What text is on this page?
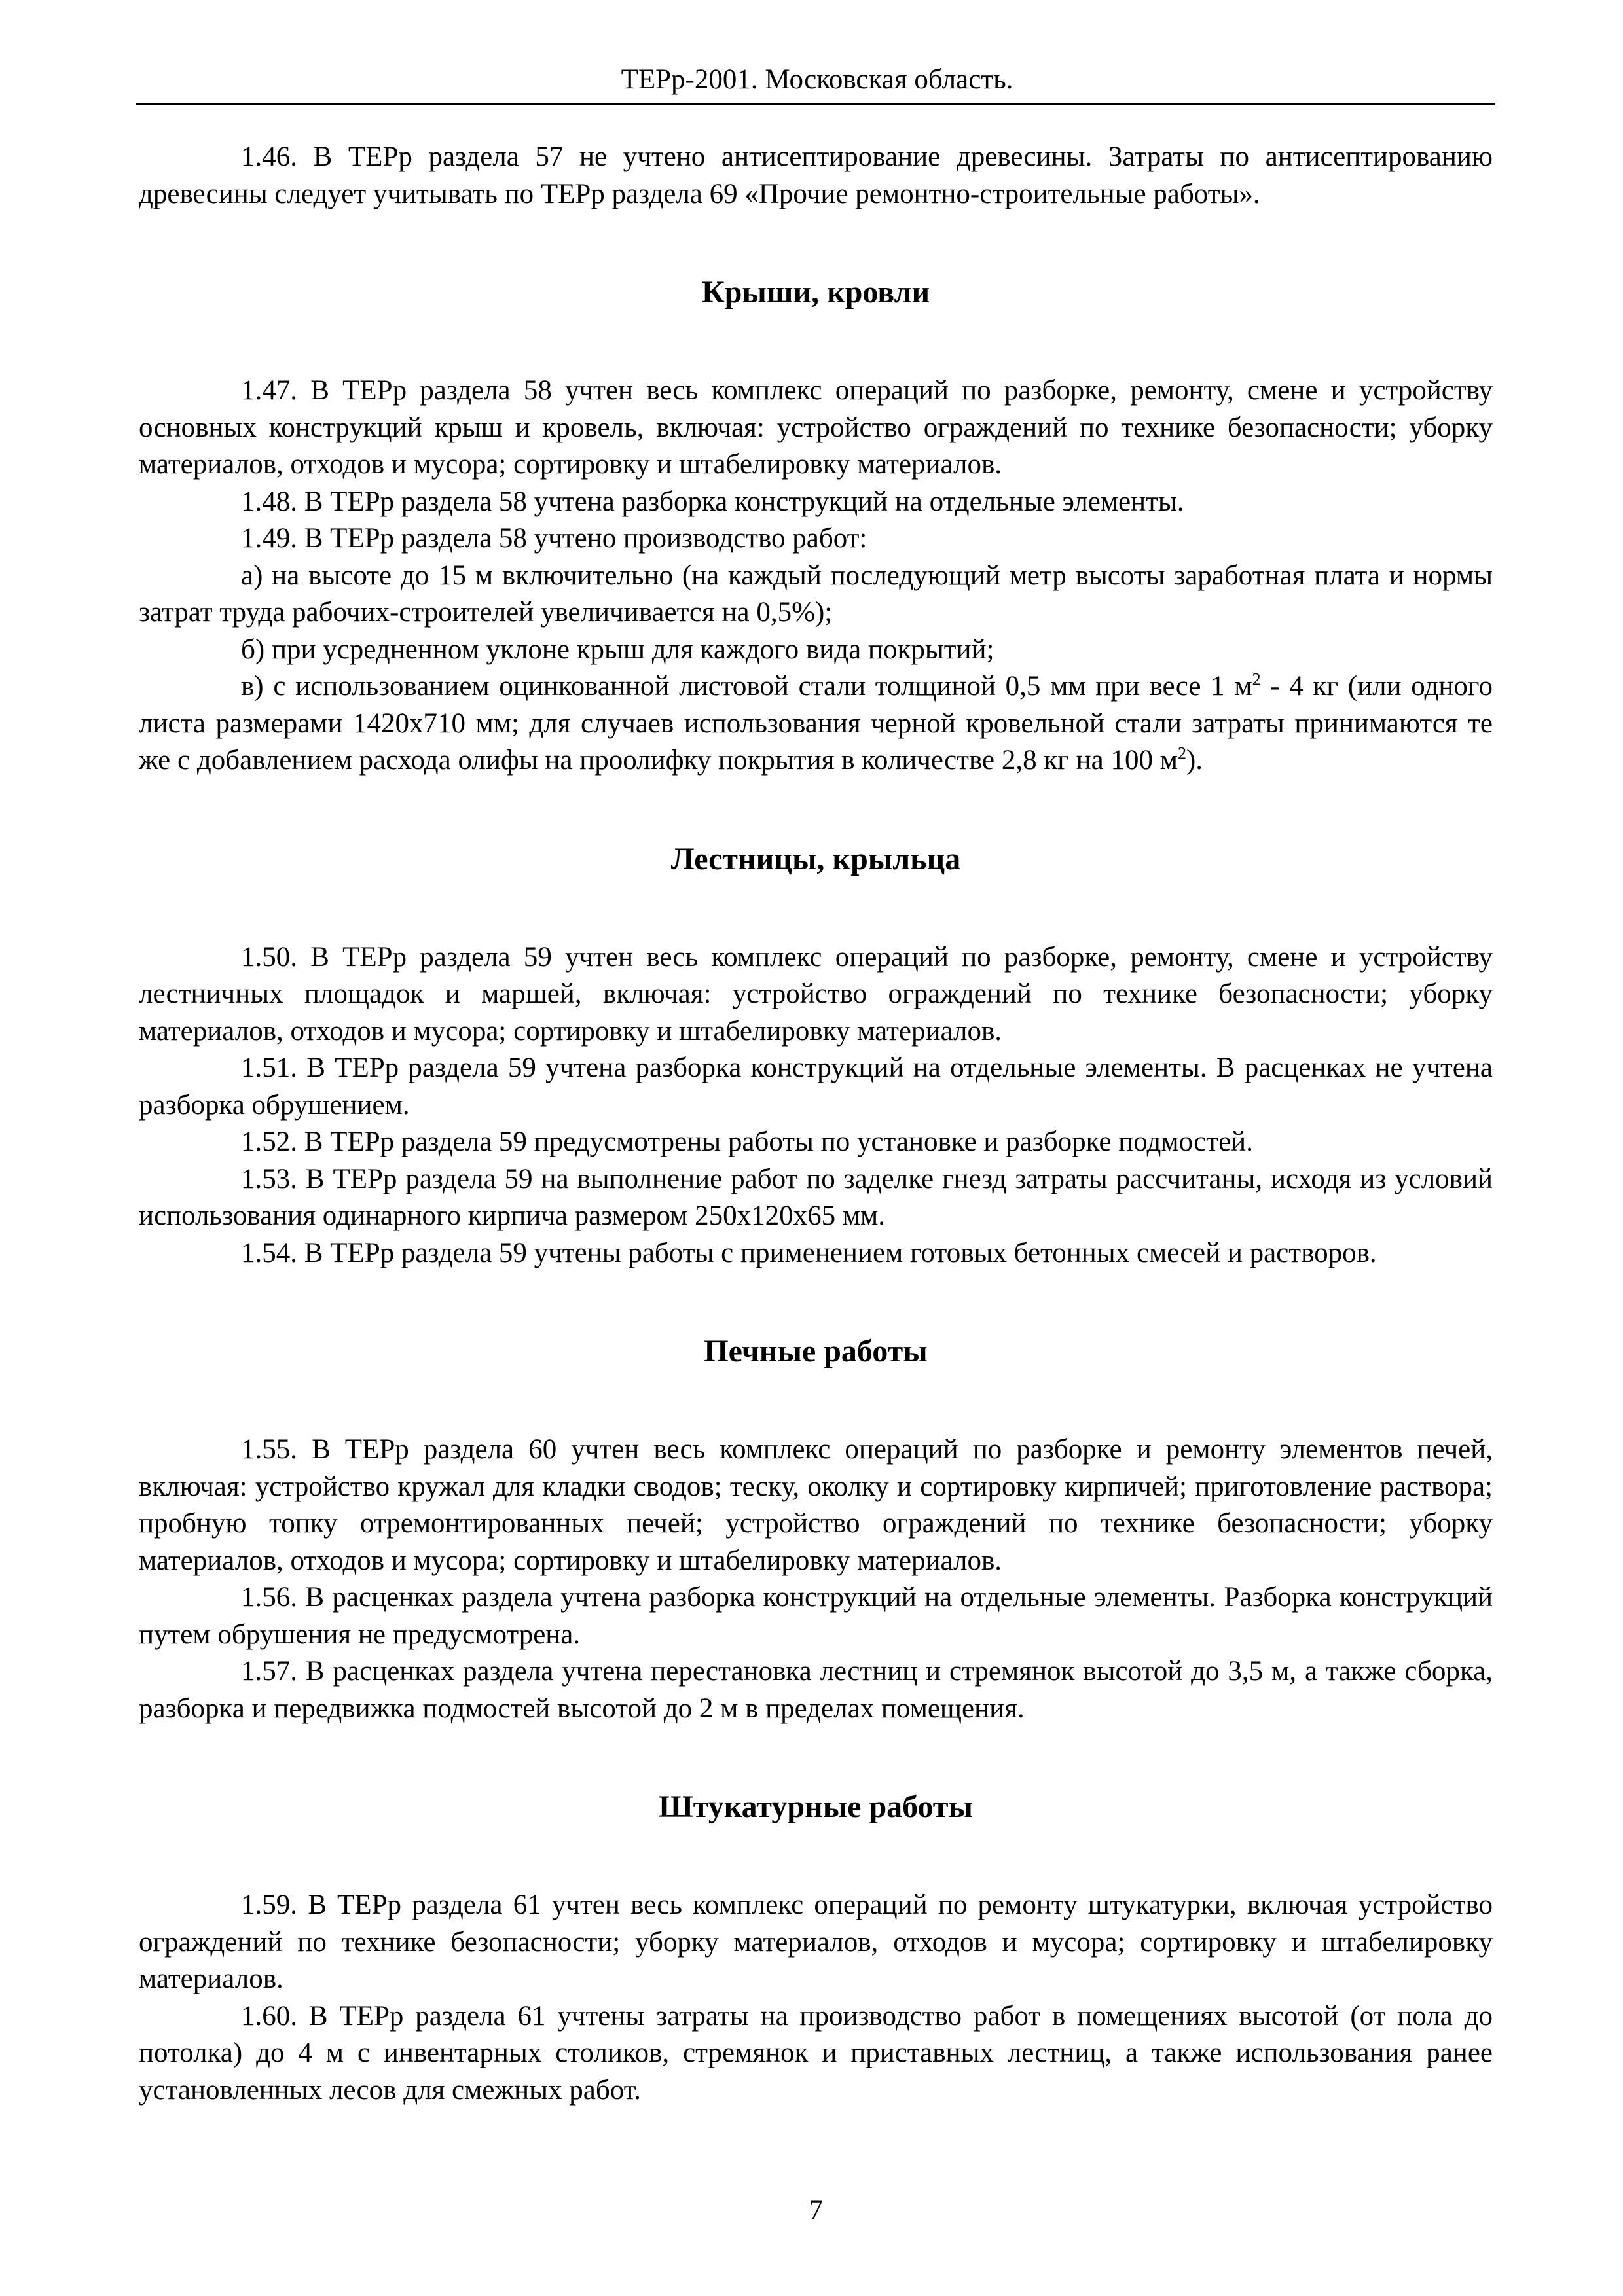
ТЕРр-2001. Московская область.

1.46. В ТЕРр раздела 57 не учтено антисептирование древесины. Затраты по антисептированию древесины следует учитывать по ТЕРр раздела 69 «Прочие ремонтно-строительные работы».

Крыши, кровли

1.47. В ТЕРр раздела 58 учтен весь комплекс операций по разборке, ремонту, смене и устройству основных конструкций крыш и кровель, включая: устройство ограждений по технике безопасности; уборку материалов, отходов и мусора; сортировку и штабелировку материалов.

1.48. В ТЕРр раздела 58 учтена разборка конструкций на отдельные элементы.

1.49. В ТЕРр раздела 58 учтено производство работ:

а) на высоте до 15 м включительно (на каждый последующий метр высоты заработная плата и нормы затрат труда рабочих-строителей увеличивается на 0,5%);

б) при усредненном уклоне крыш для каждого вида покрытий;

в) с использованием оцинкованной листовой стали толщиной 0,5 мм при весе 1 $м^2 - 4$ кг (или одного листа размерами 1420х710 мм; для случаев использования черной кровельной стали затраты принимаются те же с добавлением расхода олифы на проолифку покрытия в количестве 2,8 кг на 100 $м^2$).

Лестницы, крыльца

1.50. В ТЕРр раздела 59 учтен весь комплекс операций по разборке, ремонту, смене и устройству лестничных площадок и маршей, включая: устройство ограждений по технике безопасности; уборку материалов, отходов и мусора; сортировку и штабелировку материалов.

1.51. В ТЕРр раздела 59 учтена разборка конструкций на отдельные элементы. В расценках не учтена разборка обрушением.

1.52. В ТЕРр раздела 59 предусмотрены работы по установке и разборке подмостей.

1.53. В ТЕРр раздела 59 на выполнение работ по заделке гнезд затраты рассчитаны, исходя из условий использования одинарного кирпича размером 250х120х65 мм.

1.54. В ТЕРр раздела 59 учтены работы с применением готовых бетонных смесей и растворов.

Печные работы

1.55. В ТЕРр раздела 60 учтен весь комплекс операций по разборке и ремонту элементов печей, включая: устройство кружал для кладки сводов; теску, околку и сортировку кирпичей; приготовление раствора; пробную топку отремонтированных печей; устройство ограждений по технике безопасности; уборку материалов, отходов и мусора; сортировку и штабелировку материалов.

1.56. В расценках раздела учтена разборка конструкций на отдельные элементы. Разборка конструкций путем обрушения не предусмотрена.

1.57. В расценках раздела учтена перестановка лестниц и стремянок высотой до 3,5 м, а также сборка, разборка и передвижка подмостей высотой до 2 м в пределах помещения.

Штукатурные работы

1.59. В ТЕРр раздела 61 учтен весь комплекс операций по ремонту штукатурки, включая устройство ограждений по технике безопасности; уборку материалов, отходов и мусора; сортировку и штабелировку материалов.

1.60. В ТЕРр раздела 61 учтены затраты на производство работ в помещениях высотой (от пола до потолка) до 4 м с инвентарных столиков, стремянок и приставных лестниц, а также использования ранее установленных лесов для смежных работ.

7
